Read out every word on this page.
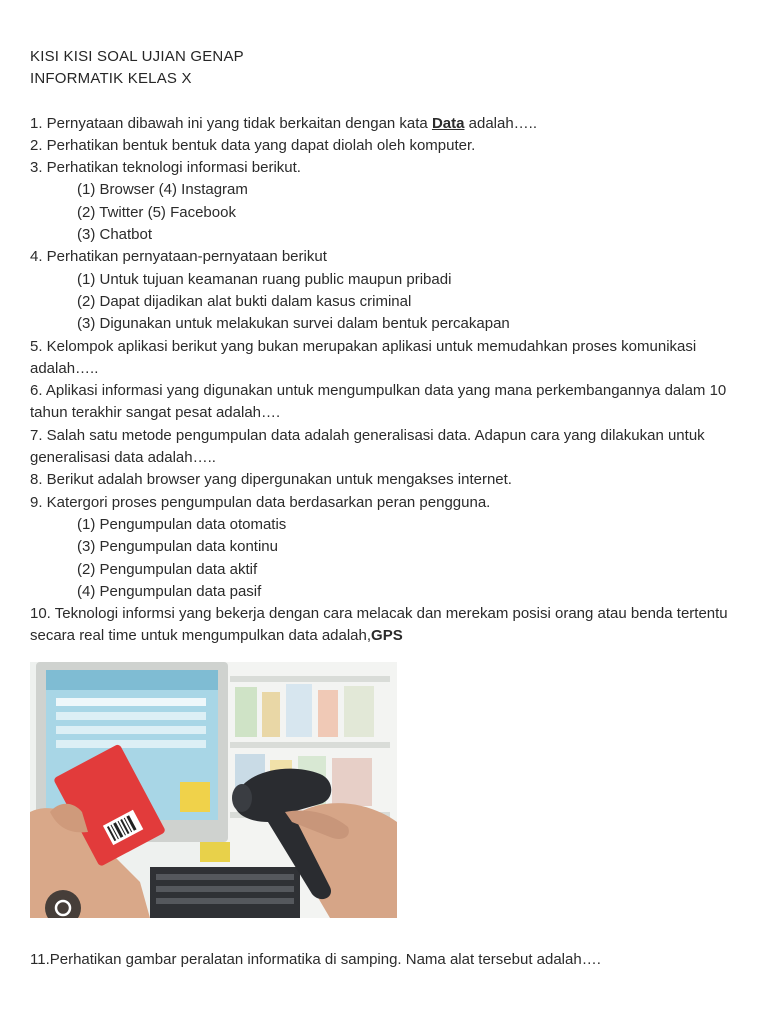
KISI KISI SOAL UJIAN GENAP
INFORMATIK KELAS X
1. Pernyataan dibawah ini yang tidak berkaitan dengan kata Data adalah…..
2. Perhatikan bentuk bentuk data yang dapat diolah oleh komputer.
3. Perhatikan teknologi informasi berikut.
(1) Browser (4) Instagram
(2) Twitter (5) Facebook
(3) Chatbot
4. Perhatikan pernyataan-pernyataan berikut
(1) Untuk tujuan keamanan ruang public maupun pribadi
(2) Dapat dijadikan alat bukti dalam kasus criminal
(3) Digunakan untuk melakukan survei dalam bentuk percakapan
5. Kelompok aplikasi berikut yang bukan merupakan aplikasi untuk memudahkan proses komunikasi adalah…..
6. Aplikasi informasi yang digunakan untuk mengumpulkan data yang mana perkembangannya dalam 10 tahun terakhir sangat pesat adalah….
7. Salah satu metode pengumpulan data adalah generalisasi data. Adapun cara yang dilakukan untuk generalisasi data adalah…..
8. Berikut adalah browser yang dipergunakan untuk mengakses internet.
9. Katergori proses pengumpulan data berdasarkan peran pengguna.
(1) Pengumpulan data otomatis
(3) Pengumpulan data kontinu
(2) Pengumpulan data aktif
(4) Pengumpulan data pasif
10. Teknologi informsi yang bekerja dengan cara melacak dan merekam posisi orang atau benda tertentu secara real time untuk mengumpulkan data adalah,GPS
11.Perhatikan gambar peralatan informatika di samping. Nama alat tersebut adalah….
